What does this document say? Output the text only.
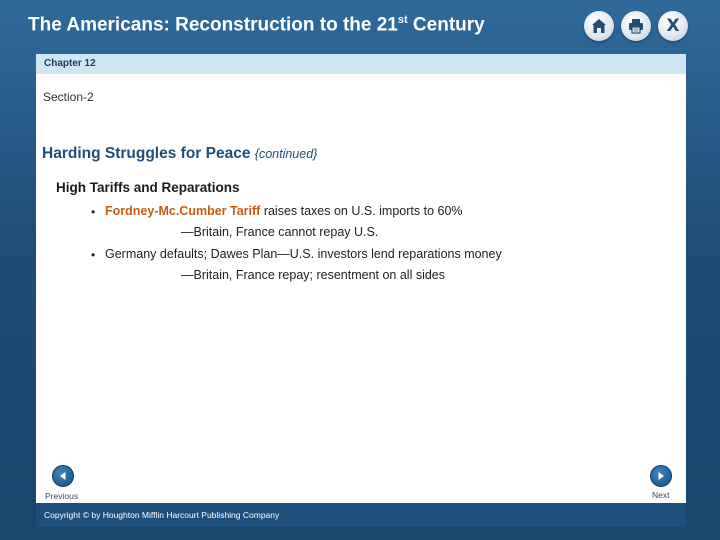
The Americans: Reconstruction to the 21st Century	X
Chapter 12
Section-2
Harding Struggles for Peace {continued}
High Tariffs and Reparations
• Fordney-Mc.Cumber Tariff raises taxes on U.S. imports to 60%
—Britain, France cannot repay U.S.
• Germany defaults; Dawes Plan—U.S. investors lend reparations money
—Britain, France repay; resentment on all sides
Previous	Next
Copyright © by Houghton Mifflin Harcourt Publishing Company
